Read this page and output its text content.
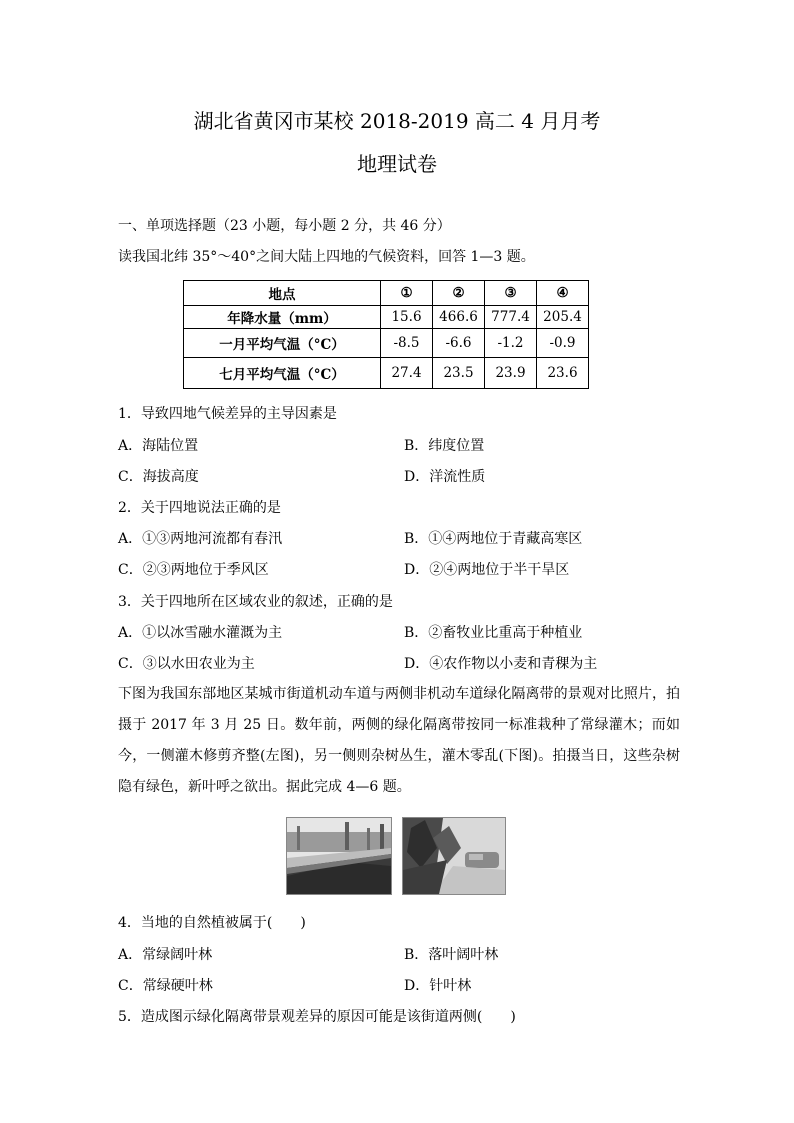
湖北省黄冈市某校 2018-2019 高二 4 月月考
地理试卷
一、单项选择题（23 小题，每小题 2 分，共 46 分）
读我国北纬 35°～40°之间大陆上四地的气候资料，回答 1—3 题。
地点	①	②	③	④
年降水量（mm）	15.6	466.6	777.4	205.4
一月平均气温（°C）	-8.5	-6.6	-1.2	-0.9
七月平均气温（°C）	27.4	23.5	23.9	23.6
1．导致四地气候差异的主导因素是
A．海陆位置	B．纬度位置
C．海拔高度	D．洋流性质
2．关于四地说法正确的是
A．①③两地河流都有春汛	B．①④两地位于青藏高寒区
C．②③两地位于季风区	D．②④两地位于半干旱区
3．关于四地所在区域农业的叙述，正确的是
A．①以冰雪融水灌溉为主	B．②畜牧业比重高于种植业
C．③以水田农业为主	D．④农作物以小麦和青稞为主
下图为我国东部地区某城市街道机动车道与两侧非机动车道绿化隔离带的景观对比照片，拍摄于 2017 年 3 月 25 日。数年前，两侧的绿化隔离带按同一标准栽种了常绿灌木；而如今，一侧灌木修剪齐整(左图)，另一侧则杂树丛生，灌木零乱(下图)。拍摄当日，这些杂树隐有绿色，新叶呼之欲出。据此完成 4—6 题。
4．当地的自然植被属于(　　)
A．常绿阔叶林	B．落叶阔叶林
C．常绿硬叶林	D．针叶林
5．造成图示绿化隔离带景观差异的原因可能是该街道两侧(　　)
